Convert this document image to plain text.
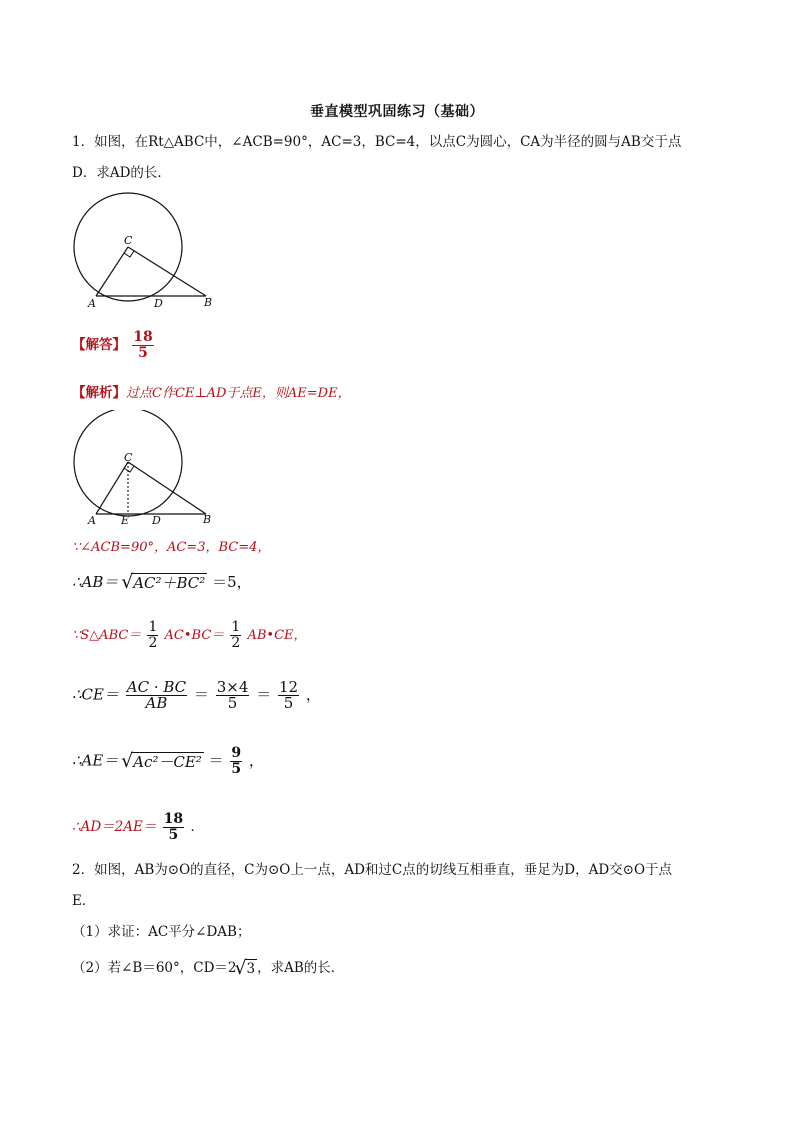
垂直模型巩固练习（基础）
1．如图，在Rt△ABC中，∠ACB=90°，AC=3，BC=4，以点C为圆心，CA为半径的圆与AB交于点
D．求AD的长．
C
A	D	B
【解答】 $\frac{18}{5}$
【解析】过点C作CE⊥AD于点E，则AE=DE，
C
A E D	B
∵∠ACB=90°，AC=3，BC=4，
∴AB＝ √ AC²＋BC² ＝5，
∵S△ABC＝ $\frac{1}{2}$ AC•BC＝ $\frac{1}{2}$ AB•CE，
∴CE＝ $\frac{AC \cdot BC}{AB} = \frac{3\times 4}{5} = \frac{12}{5}$ ，
∴AE＝ √ $Ac^2-CE^2 = \frac{9}{5}$ ，
∴AD＝2AE＝ $\frac{18}{5}$ ．
2．如图，AB为⊙O的直径，C为⊙O上一点，AD和过C点的切线互相垂直，垂足为D，AD交⊙O于点
E．
（1）求证：AC平分∠DAB；
（2）若∠B＝60°，CD＝2
√ 3 ，求AB的长．
